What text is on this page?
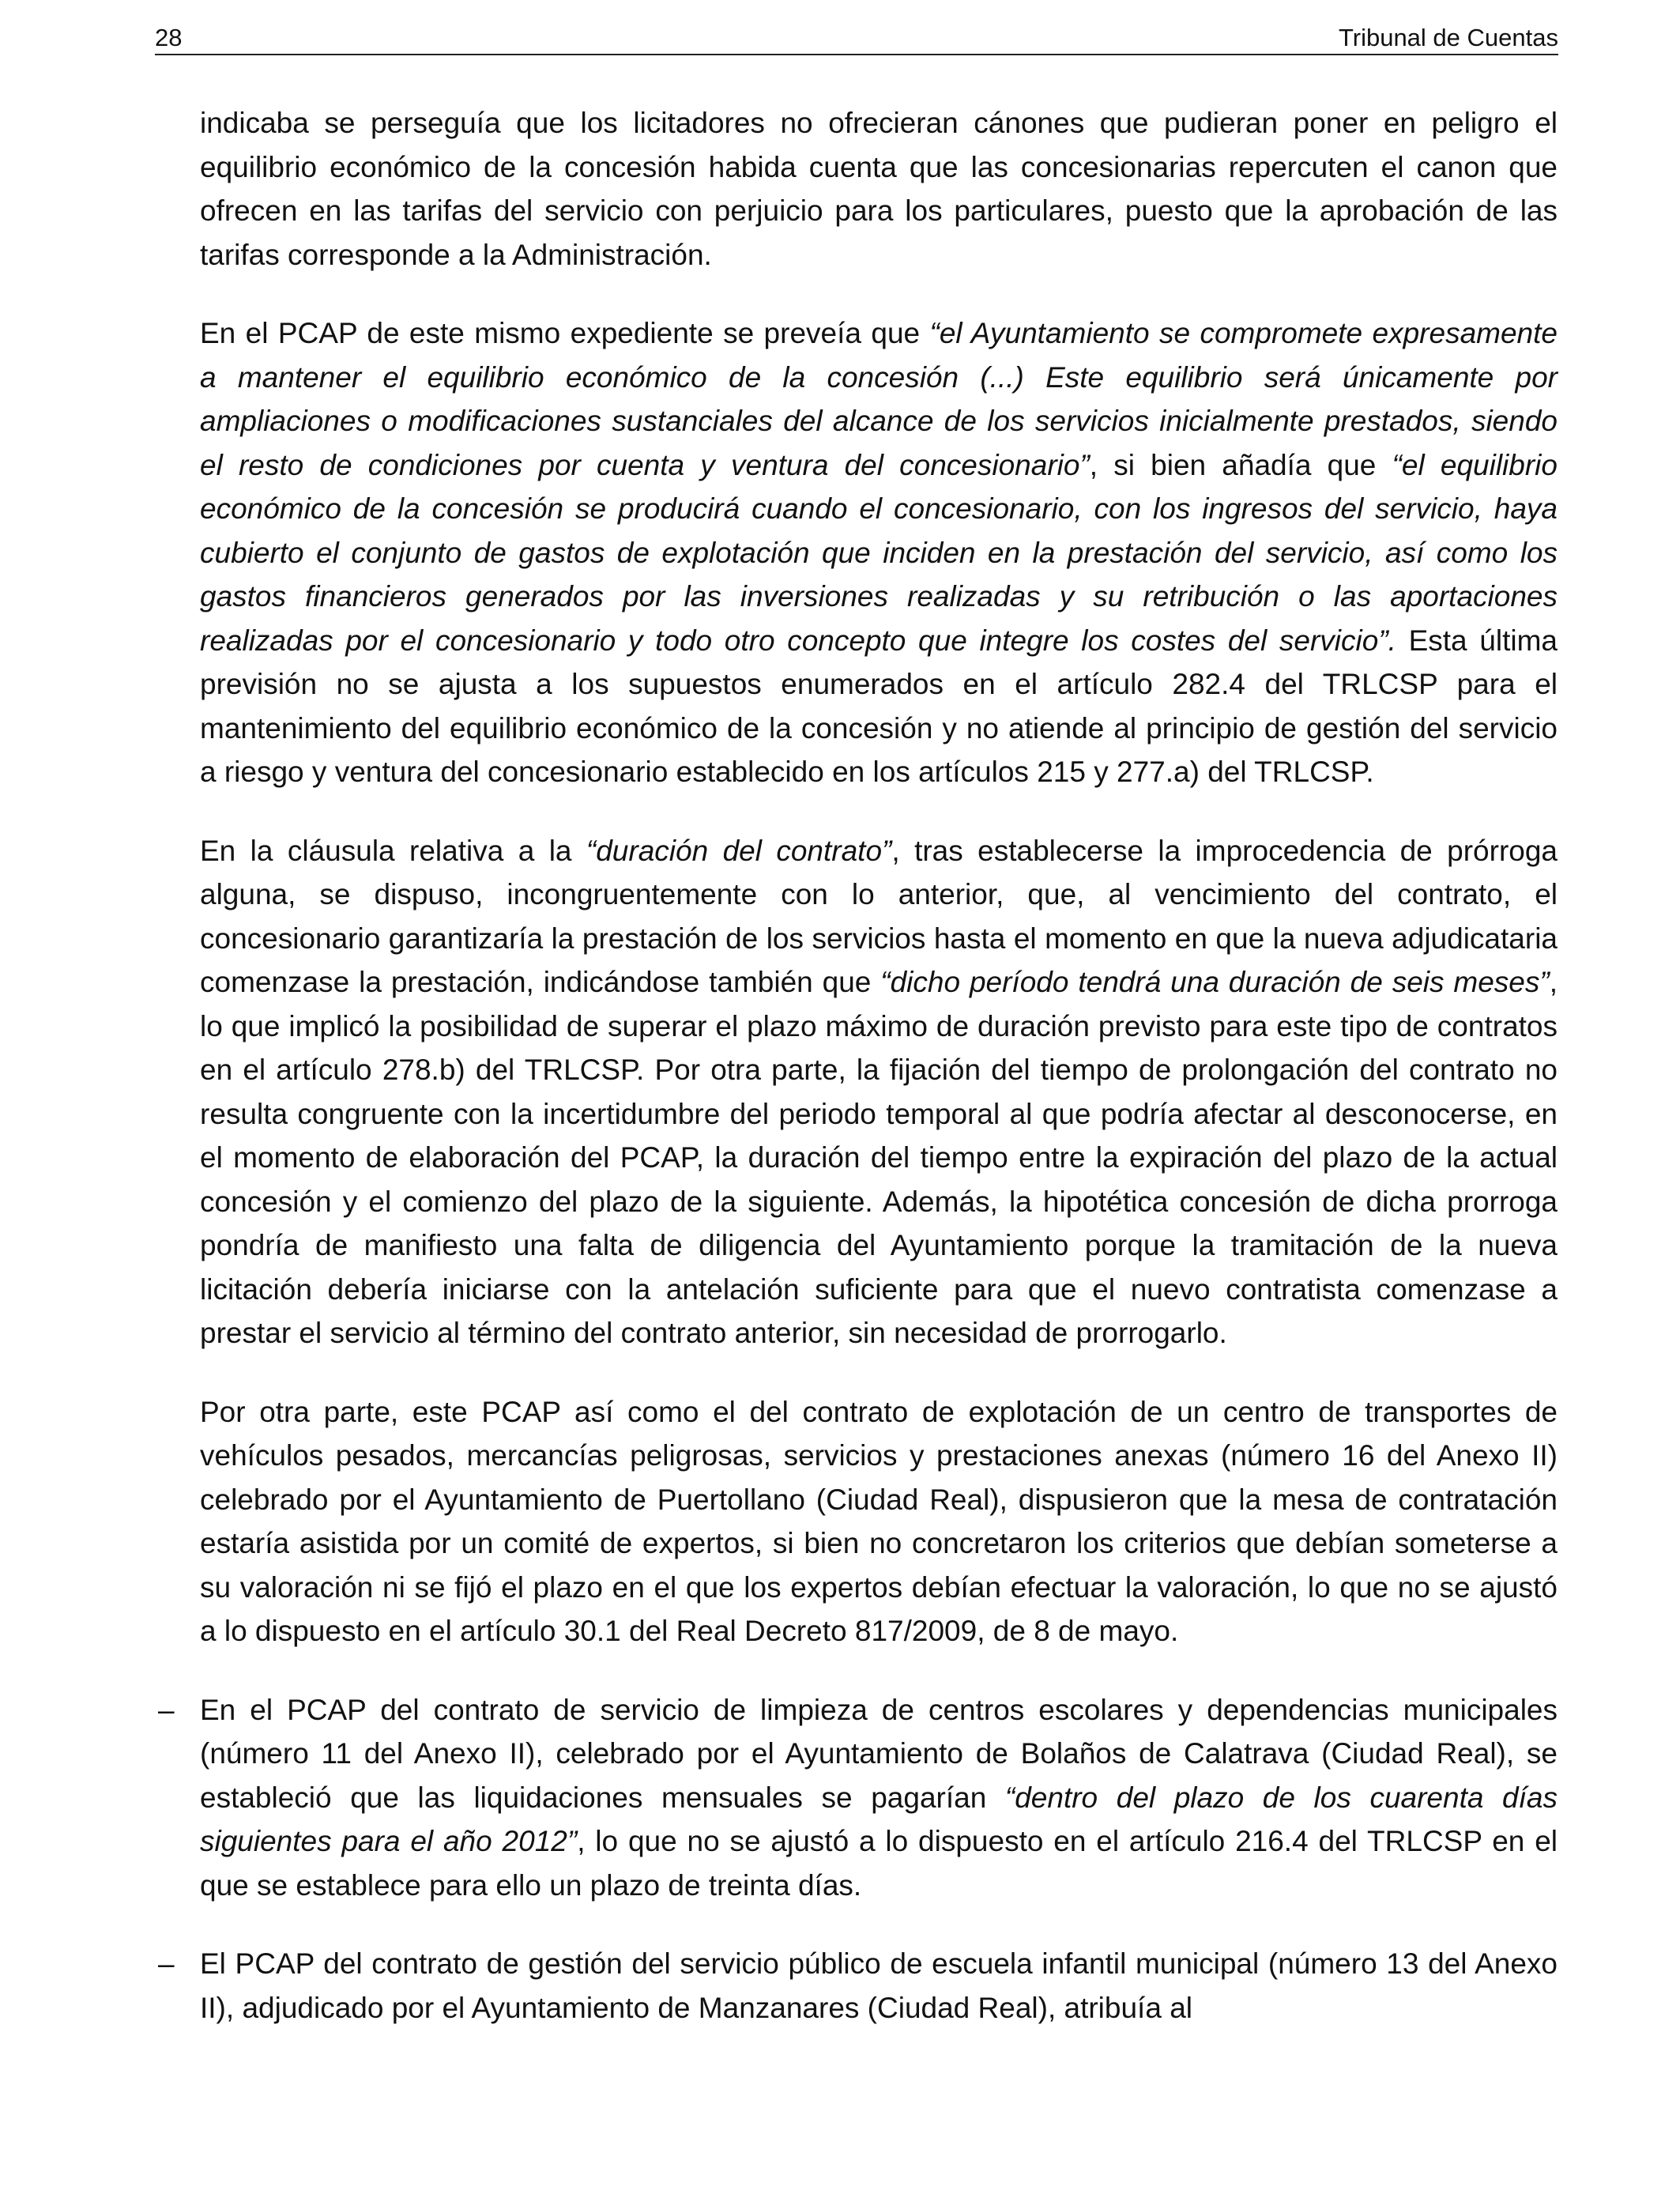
28	Tribunal de Cuentas

indicaba se perseguía que los licitadores no ofrecieran cánones que pudieran poner en peligro el equilibrio económico de la concesión habida cuenta que las concesionarias repercuten el canon que ofrecen en las tarifas del servicio con perjuicio para los particulares, puesto que la aprobación de las tarifas corresponde a la Administración.

En el PCAP de este mismo expediente se preveía que “el Ayuntamiento se compromete expresamente a mantener el equilibrio económico de la concesión (...) Este equilibrio será únicamente por ampliaciones o modificaciones sustanciales del alcance de los servicios inicialmente prestados, siendo el resto de condiciones por cuenta y ventura del concesionario”, si bien añadía que “el equilibrio económico de la concesión se producirá cuando el concesionario, con los ingresos del servicio, haya cubierto el conjunto de gastos de explotación que inciden en la prestación del servicio, así como los gastos financieros generados por las inversiones realizadas y su retribución o las aportaciones realizadas por el concesionario y todo otro concepto que integre los costes del servicio”. Esta última previsión no se ajusta a los supuestos enumerados en el artículo 282.4 del TRLCSP para el mantenimiento del equilibrio económico de la concesión y no atiende al principio de gestión del servicio a riesgo y ventura del concesionario establecido en los artículos 215 y 277.a) del TRLCSP.

En la cláusula relativa a la “duración del contrato”, tras establecerse la improcedencia de prórroga alguna, se dispuso, incongruentemente con lo anterior, que, al vencimiento del contrato, el concesionario garantizaría la prestación de los servicios hasta el momento en que la nueva adjudicataria comenzase la prestación, indicándose también que “dicho período tendrá una duración de seis meses”, lo que implicó la posibilidad de superar el plazo máximo de duración previsto para este tipo de contratos en el artículo 278.b) del TRLCSP. Por otra parte, la fijación del tiempo de prolongación del contrato no resulta congruente con la incertidumbre del periodo temporal al que podría afectar al desconocerse, en el momento de elaboración del PCAP, la duración del tiempo entre la expiración del plazo de la actual concesión y el comienzo del plazo de la siguiente. Además, la hipotética concesión de dicha prorroga pondría de manifiesto una falta de diligencia del Ayuntamiento porque la tramitación de la nueva licitación debería iniciarse con la antelación suficiente para que el nuevo contratista comenzase a prestar el servicio al término del contrato anterior, sin necesidad de prorrogarlo.

Por otra parte, este PCAP así como el del contrato de explotación de un centro de transportes de vehículos pesados, mercancías peligrosas, servicios y prestaciones anexas (número 16 del Anexo II) celebrado por el Ayuntamiento de Puertollano (Ciudad Real), dispusieron que la mesa de contratación estaría asistida por un comité de expertos, si bien no concretaron los criterios que debían someterse a su valoración ni se fijó el plazo en el que los expertos debían efectuar la valoración, lo que no se ajustó a lo dispuesto en el artículo 30.1 del Real Decreto 817/2009, de 8 de mayo.

– En el PCAP del contrato de servicio de limpieza de centros escolares y dependencias municipales (número 11 del Anexo II), celebrado por el Ayuntamiento de Bolaños de Calatrava (Ciudad Real), se estableció que las liquidaciones mensuales se pagarían “dentro del plazo de los cuarenta días siguientes para el año 2012”, lo que no se ajustó a lo dispuesto en el artículo 216.4 del TRLCSP en el que se establece para ello un plazo de treinta días.

– El PCAP del contrato de gestión del servicio público de escuela infantil municipal (número 13 del Anexo II), adjudicado por el Ayuntamiento de Manzanares (Ciudad Real), atribuía al
